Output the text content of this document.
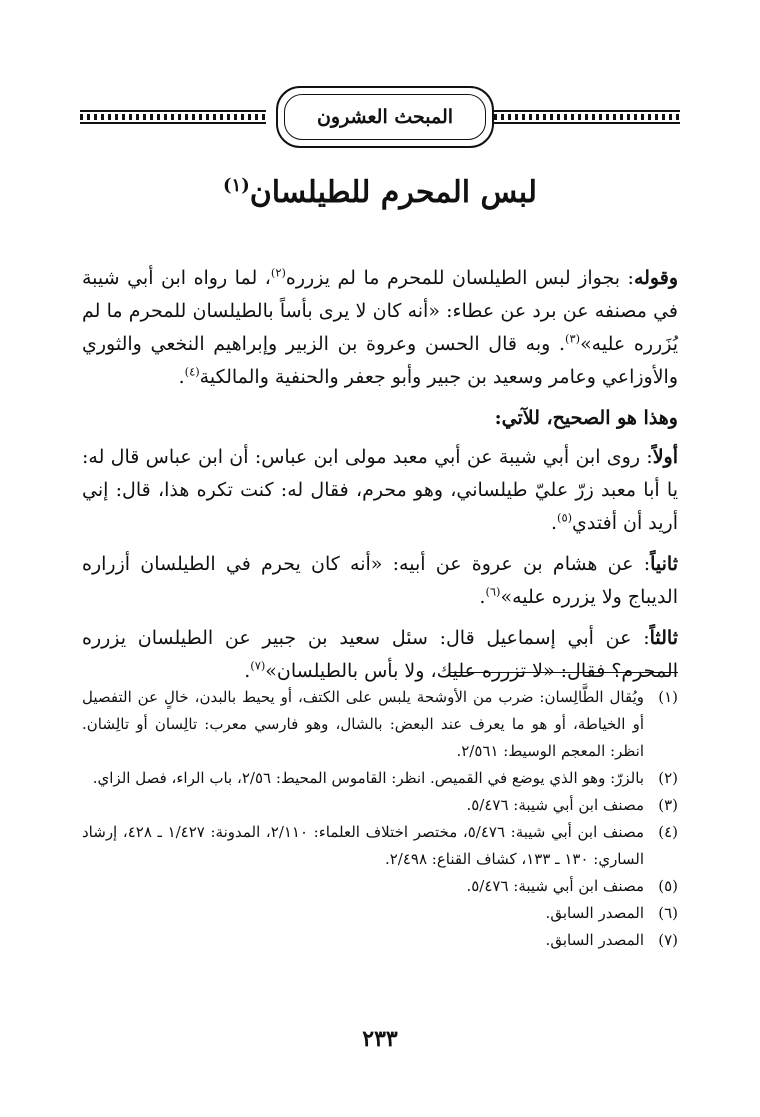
المبحث العشرون
لبس المحرم للطيلسان$^{(١)}$

وقوله: بجواز لبس الطيلسان للمحرم ما لم يزرره$^{(٢)}$، لما رواه ابن أبي شيبة في مصنفه عن برد عن عطاء: «أنه كان لا يرى بأساً بالطيلسان للمحرم ما لم يُزَرره عليه»$^{(٣)}$. وبه قال الحسن وعروة بن الزبير وإبراهيم النخعي والثوري والأوزاعي وعامر وسعيد بن جبير وأبو جعفر والحنفية والمالكية$^{(٤)}$.

وهذا هو الصحيح، للآتي:

أولاً: روى ابن أبي شيبة عن أبي معبد مولى ابن عباس: أن ابن عباس قال له: يا أبا معبد زرّ عليّ طيلساني، وهو محرم، فقال له: كنت تكره هذا، قال: إني أريد أن أفتدي$^{(٥)}$.

ثانياً: عن هشام بن عروة عن أبيه: «أنه كان يحرم في الطيلسان أزراره الديباج ولا يزرره عليه»$^{(٦)}$.

ثالثاً: عن أبي إسماعيل قال: سئل سعيد بن جبير عن الطيلسان يزرره المحرم؟ فقال: «لا تزرره عليك، ولا بأس بالطيلسان»$^{(٧)}$.

(١)
ويُقال الطَّالِسان: ضرب من الأوشحة يلبس على الكتف، أو يحيط بالبدن، خالٍ عن التفصيل أو الخياطة، أو هو ما يعرف عند البعض: بالشال، وهو فارسي معرب: تالِسان أو تالِشان. انظر: المعجم الوسيط: ٢/٥٦١.
(٢)
بالزرّ: وهو الذي يوضع في القميص. انظر: القاموس المحيط: ٢/٥٦، باب الراء، فصل الزاي.
(٣)
مصنف ابن أبي شيبة: ٥/٤٧٦.
(٤)
مصنف ابن أبي شيبة: ٥/٤٧٦، مختصر اختلاف العلماء: ٢/١١٠، المدونة: ١/٤٢٧ ـ ٤٢٨، إرشاد الساري: ١٣٠ ـ ١٣٣، كشاف القناع: ٢/٤٩٨.
(٥)
مصنف ابن أبي شيبة: ٥/٤٧٦.
(٦)
المصدر السابق.
(٧)
المصدر السابق.
٢٣٣
